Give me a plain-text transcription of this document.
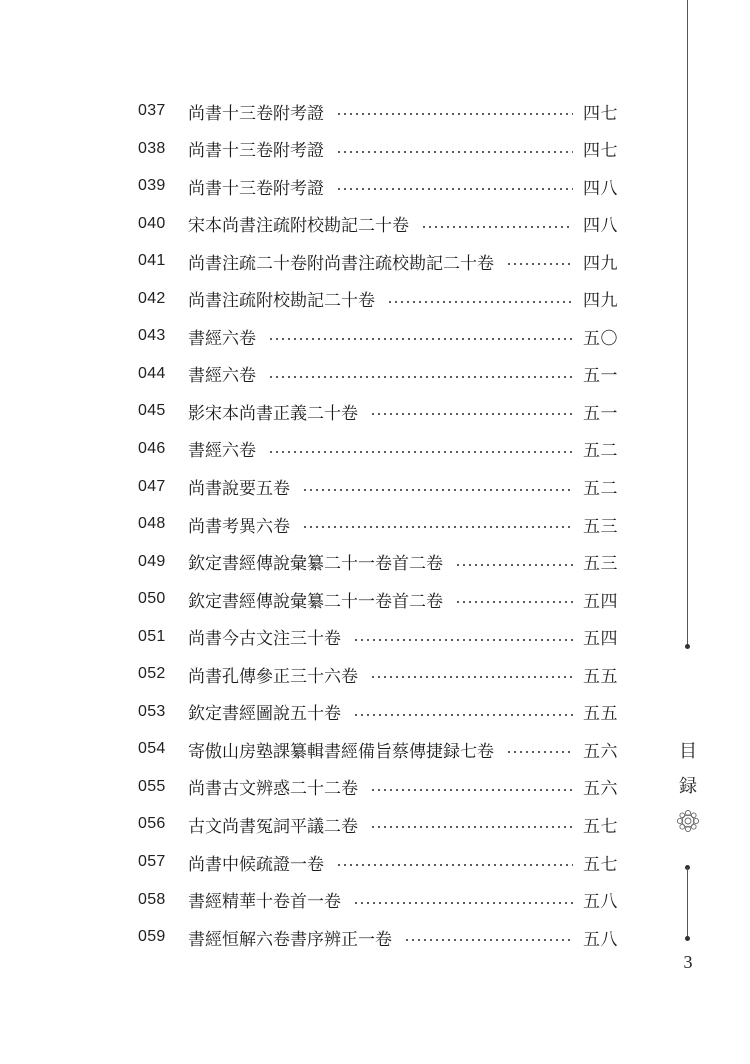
037	尚書十三卷附考證	四七
038	尚書十三卷附考證	四七
039	尚書十三卷附考證	四八
040	宋本尚書注疏附校勘記二十卷	四八
041	尚書注疏二十卷附尚書注疏校勘記二十卷	四九
042	尚書注疏附校勘記二十卷	四九
043	書經六卷	五〇
044	書經六卷	五一
045	影宋本尚書正義二十卷	五一
046	書經六卷	五二
047	尚書說要五卷	五二
048	尚書考異六卷	五三
049	欽定書經傳說彙纂二十一卷首二卷	五三
050	欽定書經傳說彙纂二十一卷首二卷	五四
051	尚書今古文注三十卷	五四
052	尚書孔傳參正三十六卷	五五
053	欽定書經圖說五十卷	五五
054	寄傲山房塾課纂輯書經備旨蔡傳捷録七卷	五六
055	尚書古文辨惑二十二卷	五六
056	古文尚書冤詞平議二卷	五七
057	尚書中候疏證一卷	五七
058	書經精華十卷首一卷	五八
059	書經恒解六卷書序辨正一卷	五八
目
録
3
